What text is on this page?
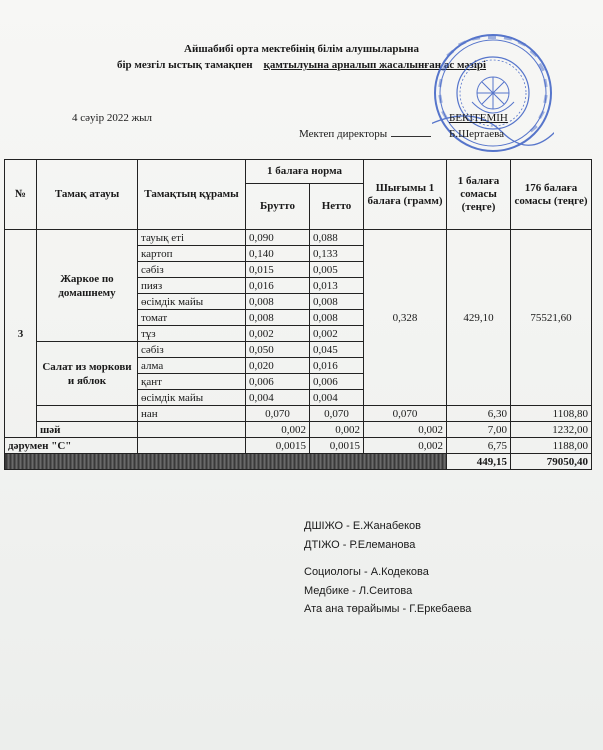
Айшабибі орта мектебінің білім алушыларына
бір мезгіл ыстық тамақпен қамтылуына арналып жасалынған ас мәзірі
4 сәуір 2022 жыл	БЕКІТЕМІН
Мектеп директоры	Б.Шертаева
№	Тамақ атауы	Тамақтың құрамы	1 балаға норма		Шығымы 1 балаға (грамм)	1 балаға сомасы (теңге)	176 балаға сомасы (теңге)
			Брутто	Нетто			
3	Жаркое по домашнему	тауық еті	0,090	0,088	0,328	429,10	75521,60
		картоп	0,140	0,133			
		сәбіз	0,015	0,005			
		пияз	0,016	0,013			
		өсімдік майы	0,008	0,008			
		томат	0,008	0,008			
		тұз	0,002	0,002			
	Салат из моркови и яблок	сәбіз	0,050	0,045			
		алма	0,020	0,016			
		қант	0,006	0,006			
		өсімдік майы	0,004	0,004			
		нан	0,070	0,070	0,070	6,30	1108,80
	шәй		0,002	0,002	0,002	7,00	1232,00
дәрумен "С"			0,0015	0,0015	0,002	6,75	1188,00
						449,15	79050,40
ДШІЖО - Е.Жанабеков
ДТІЖО - Р.Елеманова
Социологы - А.Кодекова
Медбике - Л.Сеитова
Ата ана төрайымы - Г.Еркебаева
